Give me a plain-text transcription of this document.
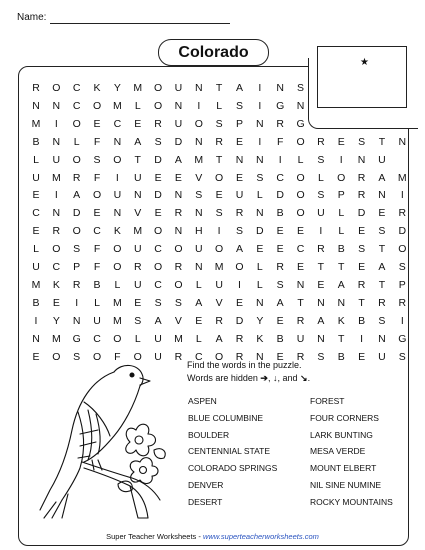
Name:
Colorado
★
R	O	C	K	Y	M	O	U	N	T	A	I	N	S
N	N	C	O	M	L	O	N	I	L	S	I	G	N
M	I	O	E	C	E	R	U	O	S	P	N	R	G
B	N	L	F	N	A	S	D	N	R	E	I	F	O	R	E	S	T	N
L	U	O	S	O	T	D	A	M	T	N	N	I	L	S	I	N	U
U	M	R	F	I	U	E	E	V	O	E	S	C	O	L	O	R	A	M
E	I	A	O	U	N	D	N	S	E	U	L	D	O	S	P	R	N	I
C	N	D	E	N	V	E	R	N	S	R	N	B	O	U	L	D	E	R
E	R	O	C	K	M	O	N	H	I	S	D	E	E	I	L	E	S	D
L	O	S	F	O	U	C	O	U	O	A	E	E	C	R	B	S	T	O
U	C	P	F	O	R	O	R	N	M	O	L	R	E	T	T	E	A	S
M	K	R	B	L	U	C	O	L	U	I	L	S	N	E	A	R	T	P
B	E	I	L	M	E	S	S	A	V	E	N	A	T	N	N	T	R	R
I	Y	N	U	M	S	A	V	E	R	D	Y	E	R	A	K	B	S	I
N	M	G	C	O	L	U	M	L	A	R	K	B	U	N	T	I	N	G
E	O	S	O	F	O	U	R	C	O	R	N	E	R	S	B	E	U	S
Find the words in the puzzle.
Words are hidden ➔, ↓, and ↘.
ASPEN
BLUE COLUMBINE
BOULDER
CENTENNIAL STATE
COLORADO SPRINGS
DENVER
DESERT
FOREST
FOUR CORNERS
LARK BUNTING
MESA VERDE
MOUNT ELBERT
NIL SINE NUMINE
ROCKY MOUNTAINS
Super Teacher Worksheets - www.superteacherworksheets.com
